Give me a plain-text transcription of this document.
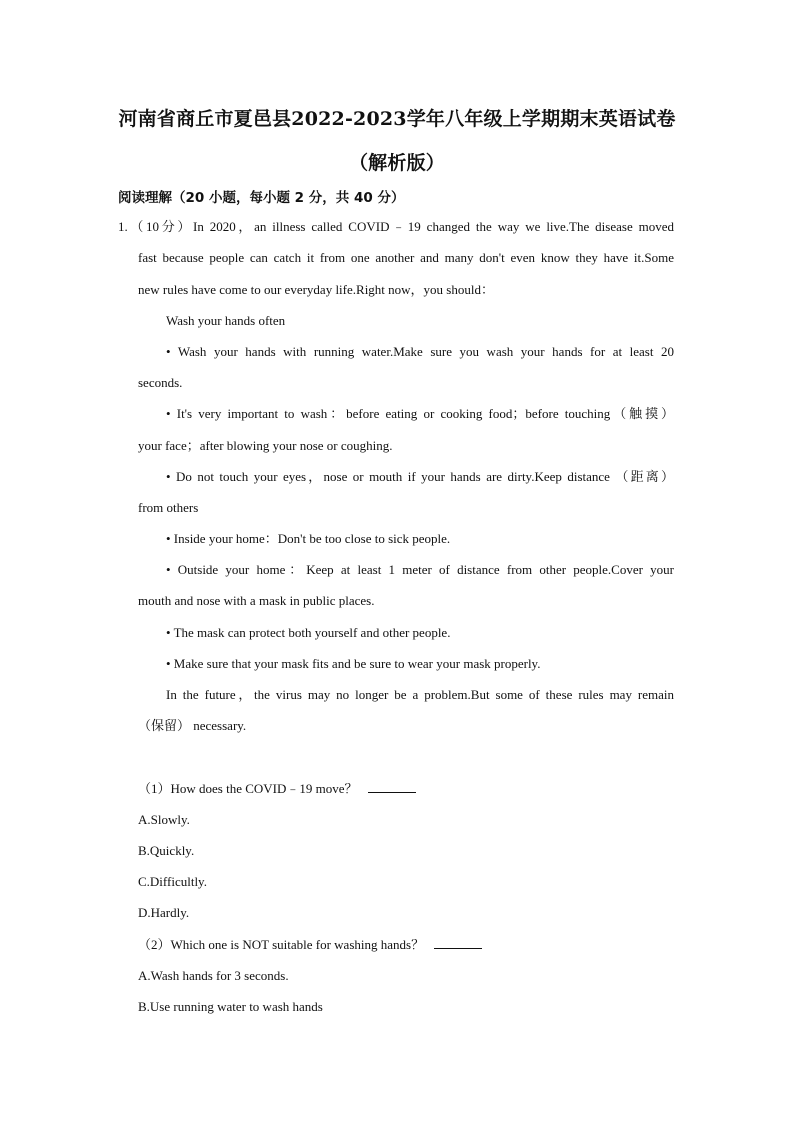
河南省商丘市夏邑县2022-2023学年八年级上学期期末英语试卷
（解析版）
阅读理解（20 小题，每小题 2 分，共 40 分）
1.（10分）In 2020，an illness called COVID﹣19 changed the way we live.The disease moved
fast because people can catch it from one another and many don't even know they have it.Some
new rules have come to our everyday life.Right now，you should：
Wash your hands often
• Wash your hands with running water.Make sure you wash your hands for at least 20
seconds.
• It's very important to wash：before eating or cooking food；before touching（触摸）
your face；after blowing your nose or coughing.
• Do not touch your eyes，nose or mouth if your hands are dirty.Keep distance （距离）
from others
• Inside your home：Don't be too close to sick people.
• Outside your home：Keep at least 1 meter of distance from other people.Cover your
mouth and nose with a mask in public places.
• The mask can protect both yourself and other people.
• Make sure that your mask fits and be sure to wear your mask properly.
In the future，the virus may no longer be a problem.But some of these rules may remain
（保留） necessary.
（1）How does the COVID﹣19 move？
A.Slowly.
B.Quickly.
C.Difficultly.
D.Hardly.
（2）Which one is NOT suitable for washing hands？
A.Wash hands for 3 seconds.
B.Use running water to wash hands
